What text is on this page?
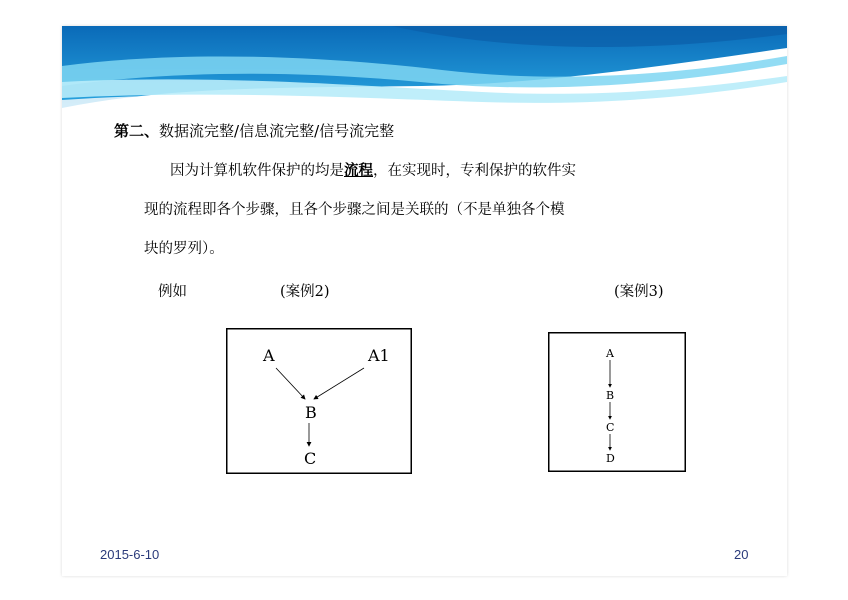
第二、数据流完整/信息流完整/信号流完整
因为计算机软件保护的均是流程，在实现时，专利保护的软件实
现的流程即各个步骤，且各个步骤之间是关联的（不是单独各个模
块的罗列）。
例如	(案例2)	(案例3)
A	A1
B
C
A
B
C
D
2015-6-10	20
